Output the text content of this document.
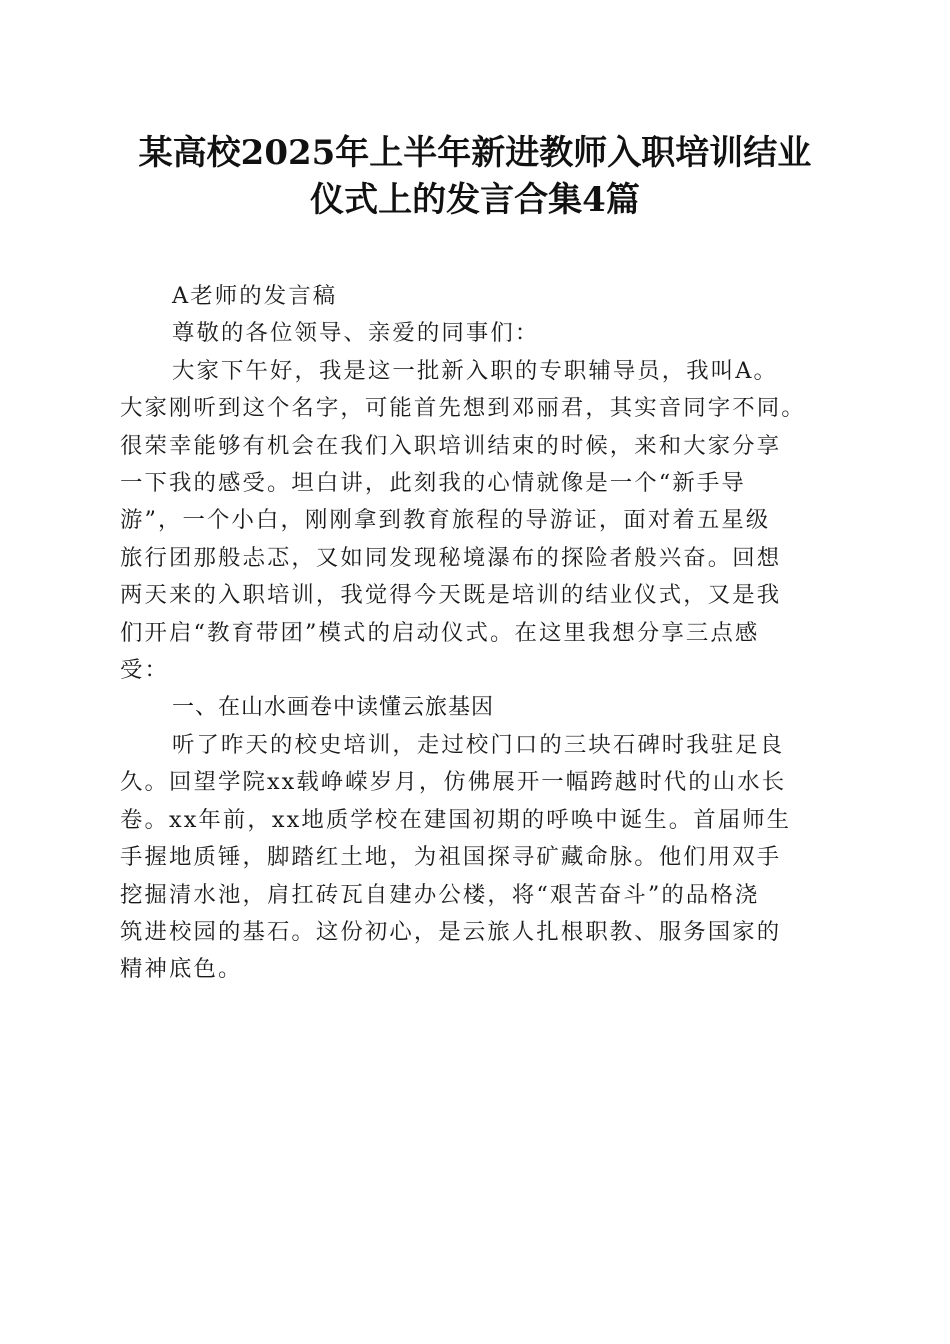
某高校2025年上半年新进教师入职培训结业
仪式上的发言合集4篇
A老师的发言稿
尊敬的各位领导、亲爱的同事们：
大家下午好，我是这一批新入职的专职辅导员，我叫A。
大家刚听到这个名字，可能首先想到邓丽君，其实音同字不同。
很荣幸能够有机会在我们入职培训结束的时候，来和大家分享
一下我的感受。坦白讲，此刻我的心情就像是一个“新手导
游”，一个小白，刚刚拿到教育旅程的导游证，面对着五星级
旅行团那般忐忑，又如同发现秘境瀑布的探险者般兴奋。回想
两天来的入职培训，我觉得今天既是培训的结业仪式，又是我
们开启“教育带团”模式的启动仪式。在这里我想分享三点感
受：
一、在山水画卷中读懂云旅基因
听了昨天的校史培训，走过校门口的三块石碑时我驻足良
久。回望学院xx载峥嵘岁月，仿佛展开一幅跨越时代的山水长
卷。xx年前，xx地质学校在建国初期的呼唤中诞生。首届师生
手握地质锤，脚踏红土地，为祖国探寻矿藏命脉。他们用双手
挖掘清水池，肩扛砖瓦自建办公楼，将“艰苦奋斗”的品格浇
筑进校园的基石。这份初心，是云旅人扎根职教、服务国家的
精神底色。
